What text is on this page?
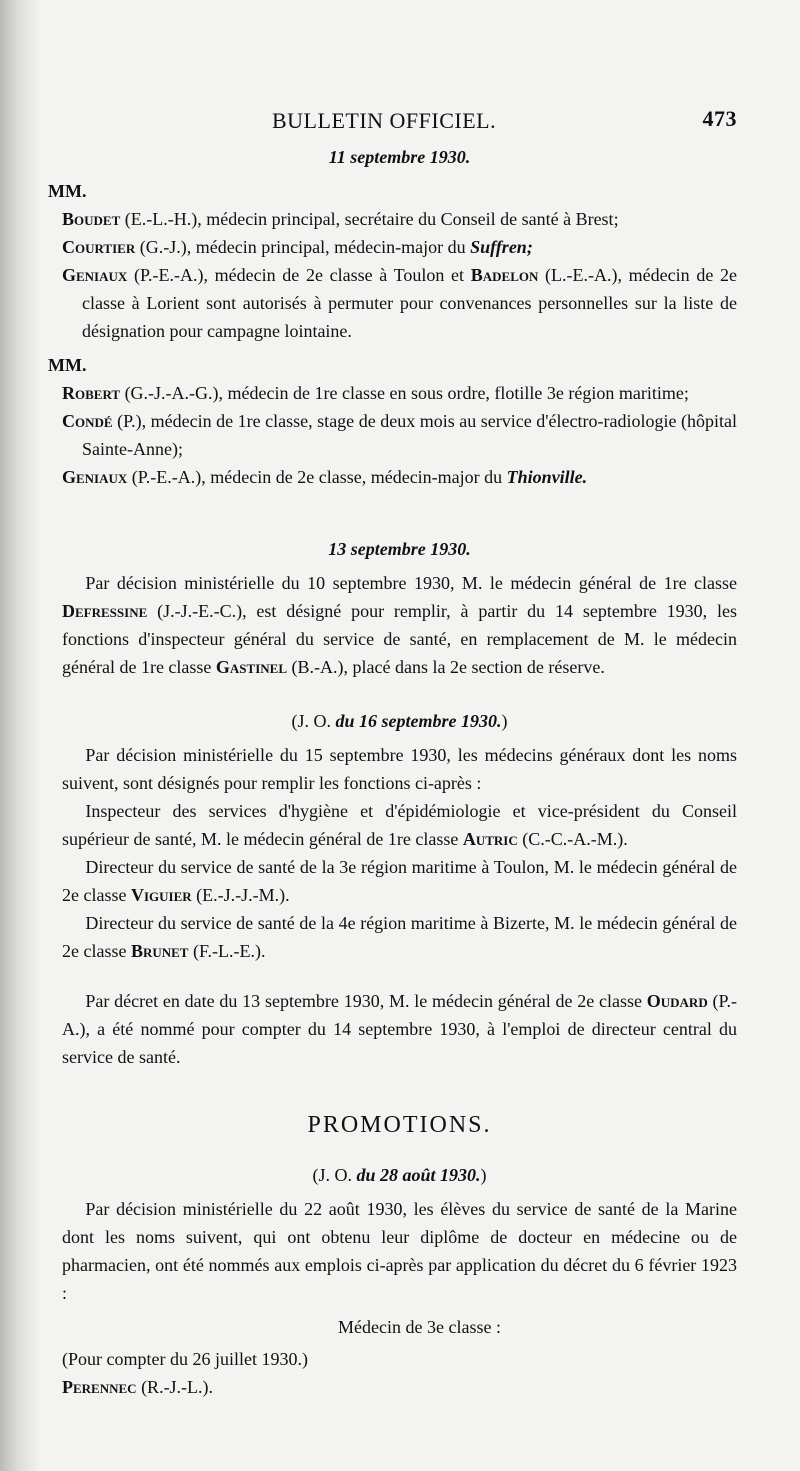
BULLETIN OFFICIEL.	473
11 septembre 1930.
MM.

Boudet (E.-L.-H.), médecin principal, secrétaire du Conseil de santé à Brest;

Courtier (G.-J.), médecin principal, médecin-major du Suffren;

Geniaux (P.-E.-A.), médecin de 2e classe à Toulon et Badelon (L.-E.-A.), médecin de 2e classe à Lorient sont autorisés à permuter pour convenances personnelles sur la liste de désignation pour campagne lointaine.

MM.

Robert (G.-J.-A.-G.), médecin de 1re classe en sous ordre, flotille 3e région maritime;

Condé (P.), médecin de 1re classe, stage de deux mois au service d'électro-radiologie (hôpital Sainte-Anne);

Geniaux (P.-E.-A.), médecin de 2e classe, médecin-major du Thionville.

13 septembre 1930.

Par décision ministérielle du 10 septembre 1930, M. le médecin général de 1re classe Defressine (J.-J.-E.-C.), est désigné pour remplir, à partir du 14 septembre 1930, les fonctions d'inspecteur général du service de santé, en remplacement de M. le médecin général de 1re classe Gastinel (B.-A.), placé dans la 2e section de réserve.

(J. O. du 16 septembre 1930.)

Par décision ministérielle du 15 septembre 1930, les médecins généraux dont les noms suivent, sont désignés pour remplir les fonctions ci-après :

Inspecteur des services d'hygiène et d'épidémiologie et vice-président du Conseil supérieur de santé, M. le médecin général de 1re classe Autric (C.-C.-A.-M.).

Directeur du service de santé de la 3e région maritime à Toulon, M. le médecin général de 2e classe Viguier (E.-J.-J.-M.).

Directeur du service de santé de la 4e région maritime à Bizerte, M. le médecin général de 2e classe Brunet (F.-L.-E.).

Par décret en date du 13 septembre 1930, M. le médecin général de 2e classe Oudard (P.-A.), a été nommé pour compter du 14 septembre 1930, à l'emploi de directeur central du service de santé.

PROMOTIONS.
(J. O. du 28 août 1930.)

Par décision ministérielle du 22 août 1930, les élèves du service de santé de la Marine dont les noms suivent, qui ont obtenu leur diplôme de docteur en médecine ou de pharmacien, ont été nommés aux emplois ci-après par application du décret du 6 février 1923 :

Médecin de 3e classe :

(Pour compter du 26 juillet 1930.)

Perennec (R.-J.-L.).
